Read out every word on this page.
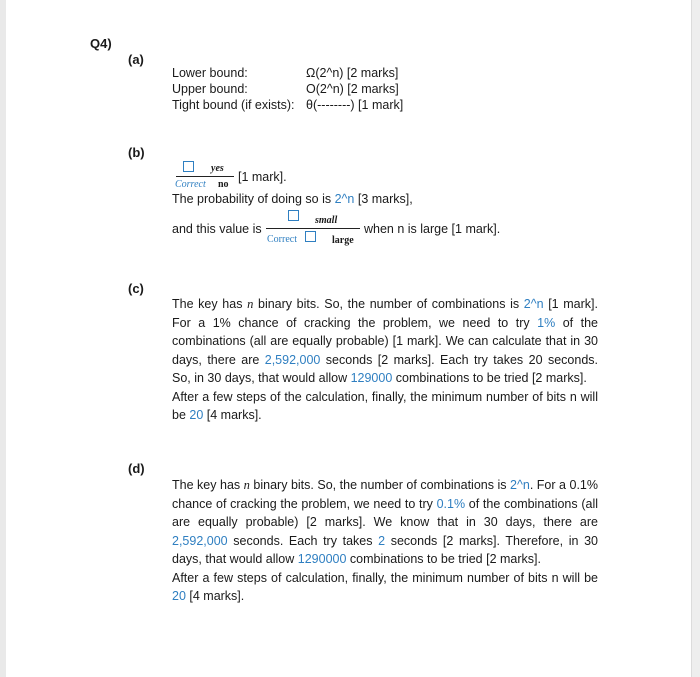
Q4)
(a)
Lower bound:	Ω(2^n) [2 marks]
Upper bound:	O(2^n) [2 marks]
Tight bound (if exists): θ(--------) [1 mark]
(b)
yes
Correct no
[1 mark].
The probability of doing so is 2^n [3 marks],
and this value is
small
Correct	large
when n is large [1 mark].
(c)
The key has n binary bits. So, the number of combinations is 2^n [1 mark]. For a 1% chance of cracking the problem, we need to try 1% of the combinations (all are equally probable) [1 mark]. We can calculate that in 30 days, there are 2,592,000 seconds [2 marks]. Each try takes 20 seconds. So, in 30 days, that would allow 129000 combinations to be tried [2 marks].
After a few steps of the calculation, finally, the minimum number of bits n will be 20 [4 marks].
(d)
The key has n binary bits. So, the number of combinations is 2^n. For a 0.1% chance of cracking the problem, we need to try 0.1% of the combinations (all are equally probable) [2 marks]. We know that in 30 days, there are 2,592,000 seconds. Each try takes 2 seconds [2 marks]. Therefore, in 30 days, that would allow 1290000 combinations to be tried [2 marks].
After a few steps of calculation, finally, the minimum number of bits n will be 20 [4 marks].
